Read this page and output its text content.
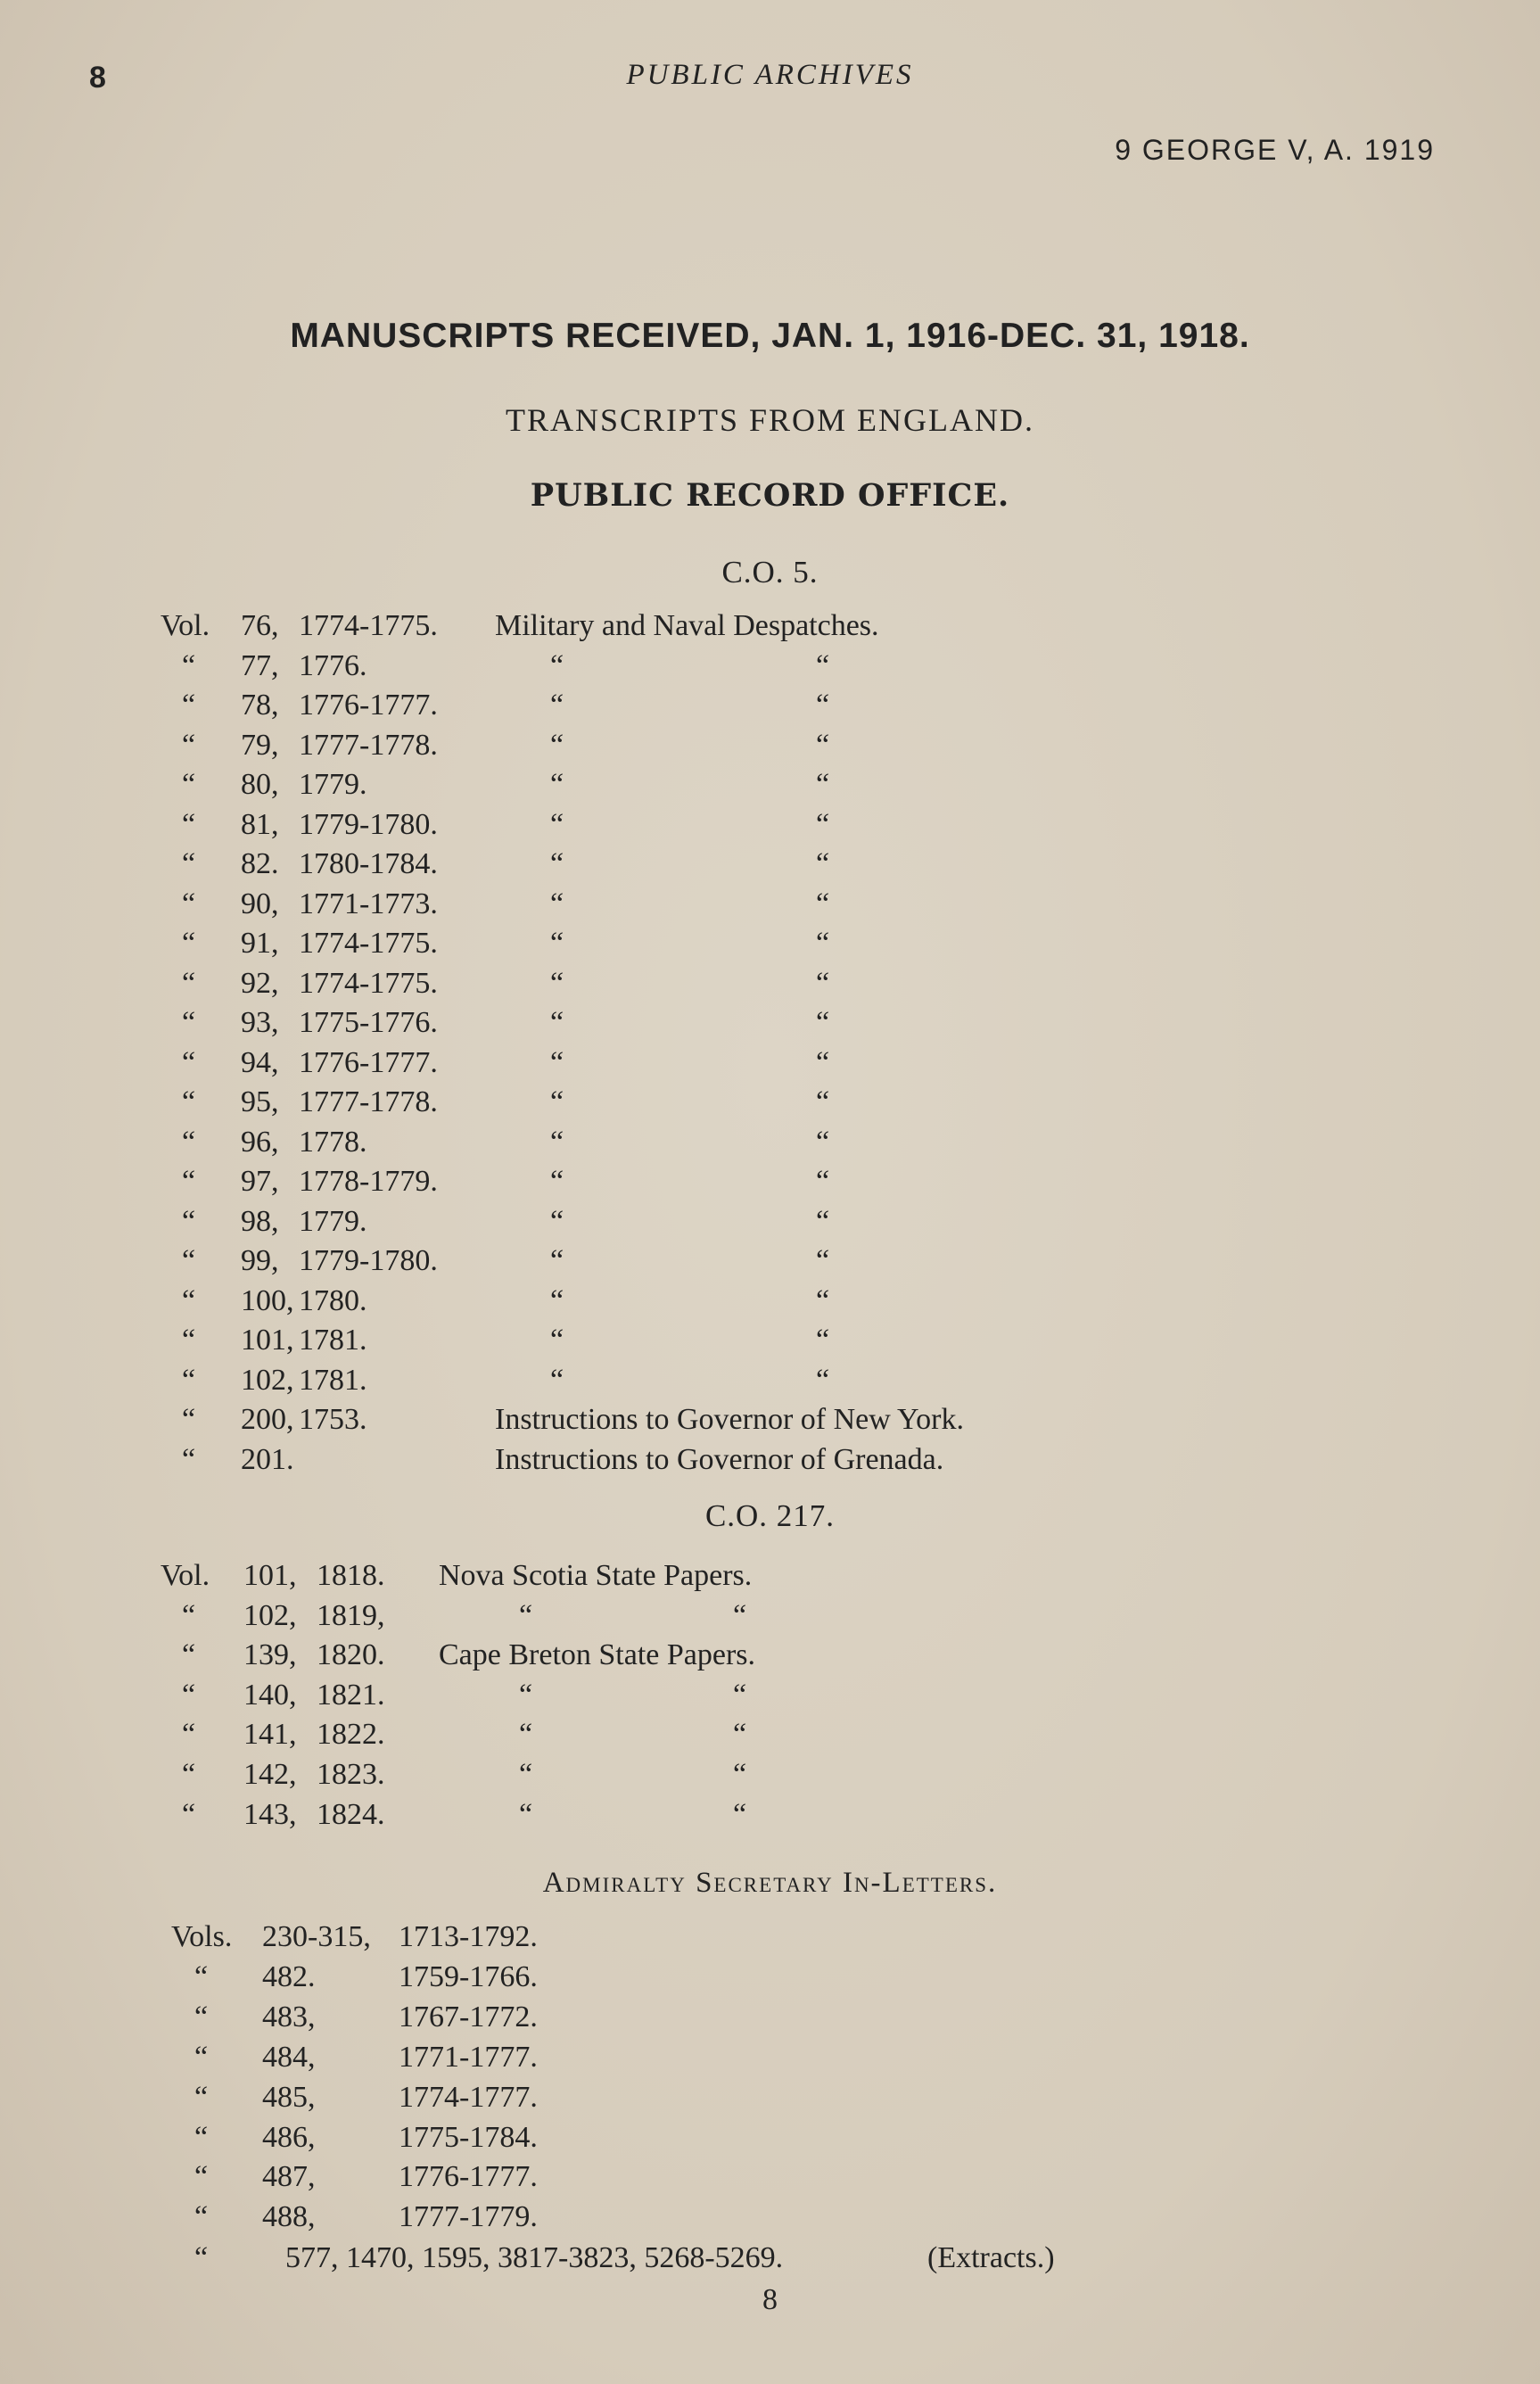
8	PUBLIC ARCHIVES
9 GEORGE V, A. 1919
MANUSCRIPTS RECEIVED, JAN. 1, 1916-DEC. 31, 1918.
TRANSCRIPTS FROM ENGLAND.
PUBLIC RECORD OFFICE.
C.O. 5.
Vol. 76, 1774-1775. Military and Naval Despatches.
“ 77, 1776.	“	“
“ 78, 1776-1777.	“	“
“ 79, 1777-1778.	“	“
“ 80, 1779.	“	“
“ 81, 1779-1780.	“	“
“ 82. 1780-1784.	“	“
“ 90, 1771-1773.	“	“
“ 91, 1774-1775.	“	“
“ 92, 1774-1775.	“	“
“ 93, 1775-1776.	“	“
“ 94, 1776-1777.	“	“
“ 95, 1777-1778.	“	“
“ 96, 1778.	“	“
“ 97, 1778-1779.	“	“
“ 98, 1779.	“	“
“ 99, 1779-1780.	“	“
“ 100, 1780.	“	“
“ 101, 1781.	“	“
“ 102, 1781.	“	“
“ 200, 1753.	Instructions to Governor of New York.
“ 201.	Instructions to Governor of Grenada.
C.O. 217.
Vol. 101, 1818. Nova Scotia State Papers.
“ 102, 1819,	“	“
“ 139, 1820. Cape Breton State Papers.
“ 140, 1821.	“	“
“ 141, 1822.	“	“
“ 142, 1823.	“	“
“ 143, 1824.	“	“
Admiralty Secretary In-Letters.
Vols. 230-315, 1713-1792.
“ 482.	1759-1766.
“ 483,	1767-1772.
“ 484,	1771-1777.
“ 485,	1774-1777.
“ 486,	1775-1784.
“ 487,	1776-1777.
“ 488,	1777-1779.
“	577, 1470, 1595, 3817-3823, 5268-5269.	(Extracts.)
8
